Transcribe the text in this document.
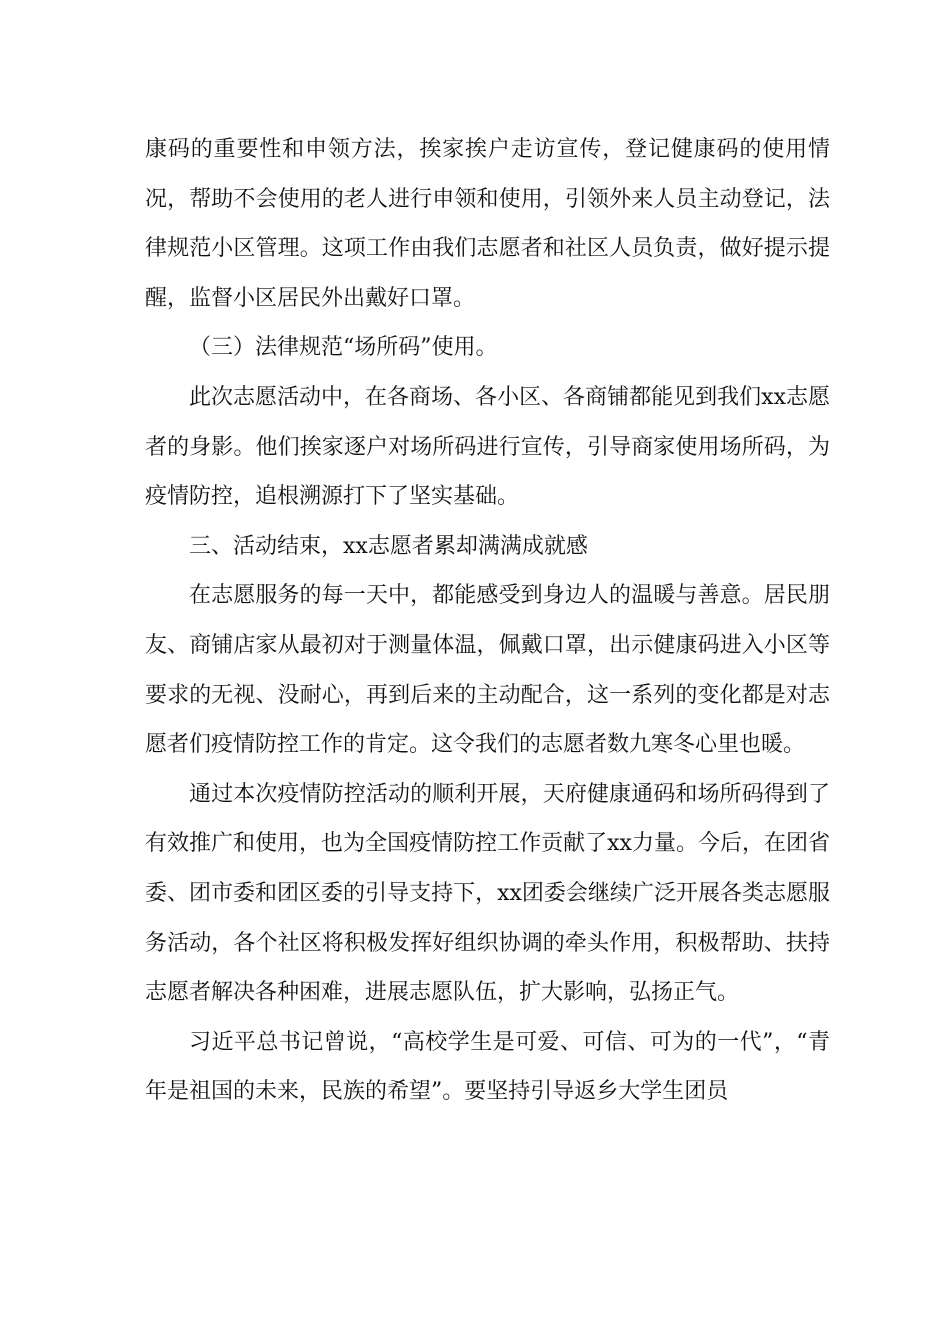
康码的重要性和申领方法，挨家挨户走访宣传，登记健康码的使用情况，帮助不会使用的老人进行申领和使用，引领外来人员主动登记，法律规范小区管理。这项工作由我们志愿者和社区人员负责，做好提示提醒，监督小区居民外出戴好口罩。

（三）法律规范“场所码”使用。

此次志愿活动中，在各商场、各小区、各商铺都能见到我们xx志愿者的身影。他们挨家逐户对场所码进行宣传，引导商家使用场所码，为疫情防控，追根溯源打下了坚实基础。

三、活动结束，xx志愿者累却满满成就感

在志愿服务的每一天中，都能感受到身边人的温暖与善意。居民朋友、商铺店家从最初对于测量体温，佩戴口罩，出示健康码进入小区等要求的无视、没耐心，再到后来的主动配合，这一系列的变化都是对志愿者们疫情防控工作的肯定。这令我们的志愿者数九寒冬心里也暖。

通过本次疫情防控活动的顺利开展，天府健康通码和场所码得到了有效推广和使用，也为全国疫情防控工作贡献了xx力量。今后，在团省委、团市委和团区委的引导支持下，xx团委会继续广泛开展各类志愿服务活动，各个社区将积极发挥好组织协调的牵头作用，积极帮助、扶持志愿者解决各种困难，进展志愿队伍，扩大影响，弘扬正气。

习近平总书记曾说，“高校学生是可爱、可信、可为的一代”，“青年是祖国的未来，民族的希望”。要坚持引导返乡大学生团员
